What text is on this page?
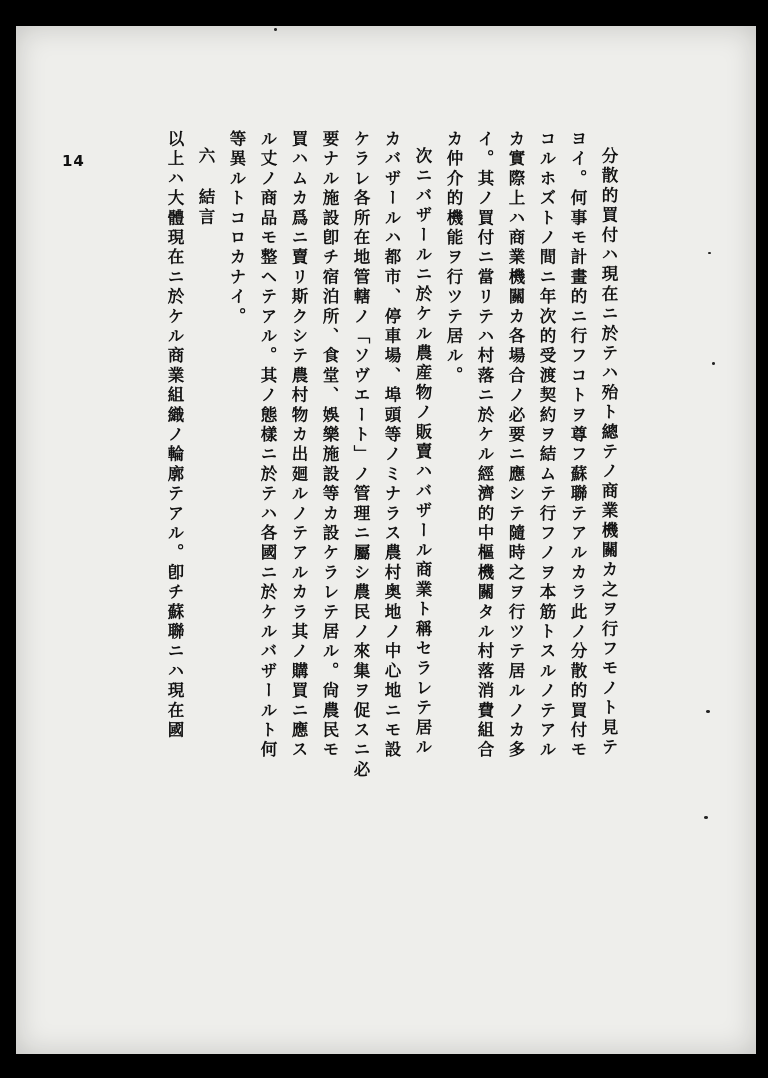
14	分散的買付ハ現在ニ於テハ殆ト總テノ商業機關カ之ヲ行フモノト見テ
ヨイ。何事モ計畫的ニ行フコトヲ尊フ蘇聯テアルカラ此ノ分散的買付モ
コルホズトノ間ニ年次的受渡契約ヲ結ムテ行フノヲ本筋トスルノテアル
カ實際上ハ商業機關カ各場合ノ必要ニ應シテ隨時之ヲ行ツテ居ルノカ多
イ。其ノ買付ニ當リテハ村落ニ於ケル經濟的中樞機關タル村落消費組合
カ仲介的機能ヲ行ツテ居ル。

次ニバザールニ於ケル農産物ノ販賣ハバザール商業ト稱セラレテ居ル
カバザールハ都市、停車場、埠頭等ノミナラス農村奥地ノ中心地ニモ設
ケラレ各所在地管轄ノ「ソヴエート」ノ管理ニ屬シ農民ノ來集ヲ促スニ必
要ナル施設卽チ宿泊所、食堂、娛樂施設等カ設ケラレテ居ル。尙農民モ
買ハムカ爲ニ賣リ斯クシテ農村物カ出廻ルノテアルカラ其ノ購買ニ應ス
ル丈ノ商品モ整ヘテアル。其ノ態樣ニ於テハ各國ニ於ケルバザールト何
等異ルトコロカナイ。

六結言

以上ハ大體現在ニ於ケル商業組織ノ輪廓テアル。卽チ蘇聯ニハ現在國
